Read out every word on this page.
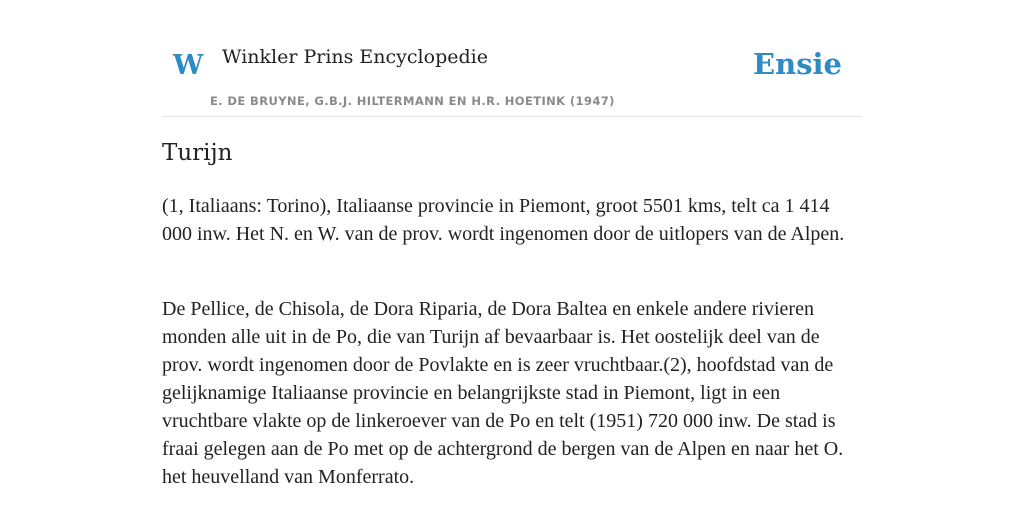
W Winkler Prins Encyclopedie
E. DE BRUYNE, G.B.J. HILTERMANN EN H.R. HOETINK (1947)
Ensie
Turijn

(1, Italiaans: Torino), Italiaanse provincie in Piemont, groot 5501 kms, telt ca 1 414 000 inw. Het N. en W. van de prov. wordt ingenomen door de uitlopers van de Alpen.

De Pellice, de Chisola, de Dora Riparia, de Dora Baltea en enkele andere rivieren monden alle uit in de Po, die van Turijn af bevaarbaar is. Het oostelijk deel van de prov. wordt ingenomen door de Povlakte en is zeer vruchtbaar.(2), hoofdstad van de gelijknamige Italiaanse provincie en belangrijkste stad in Piemont, ligt in een vruchtbare vlakte op de linkeroever van de Po en telt (1951) 720 000 inw. De stad is fraai gelegen aan de Po met op de achtergrond de bergen van de Alpen en naar het O. het heuvelland van Monferrato.
